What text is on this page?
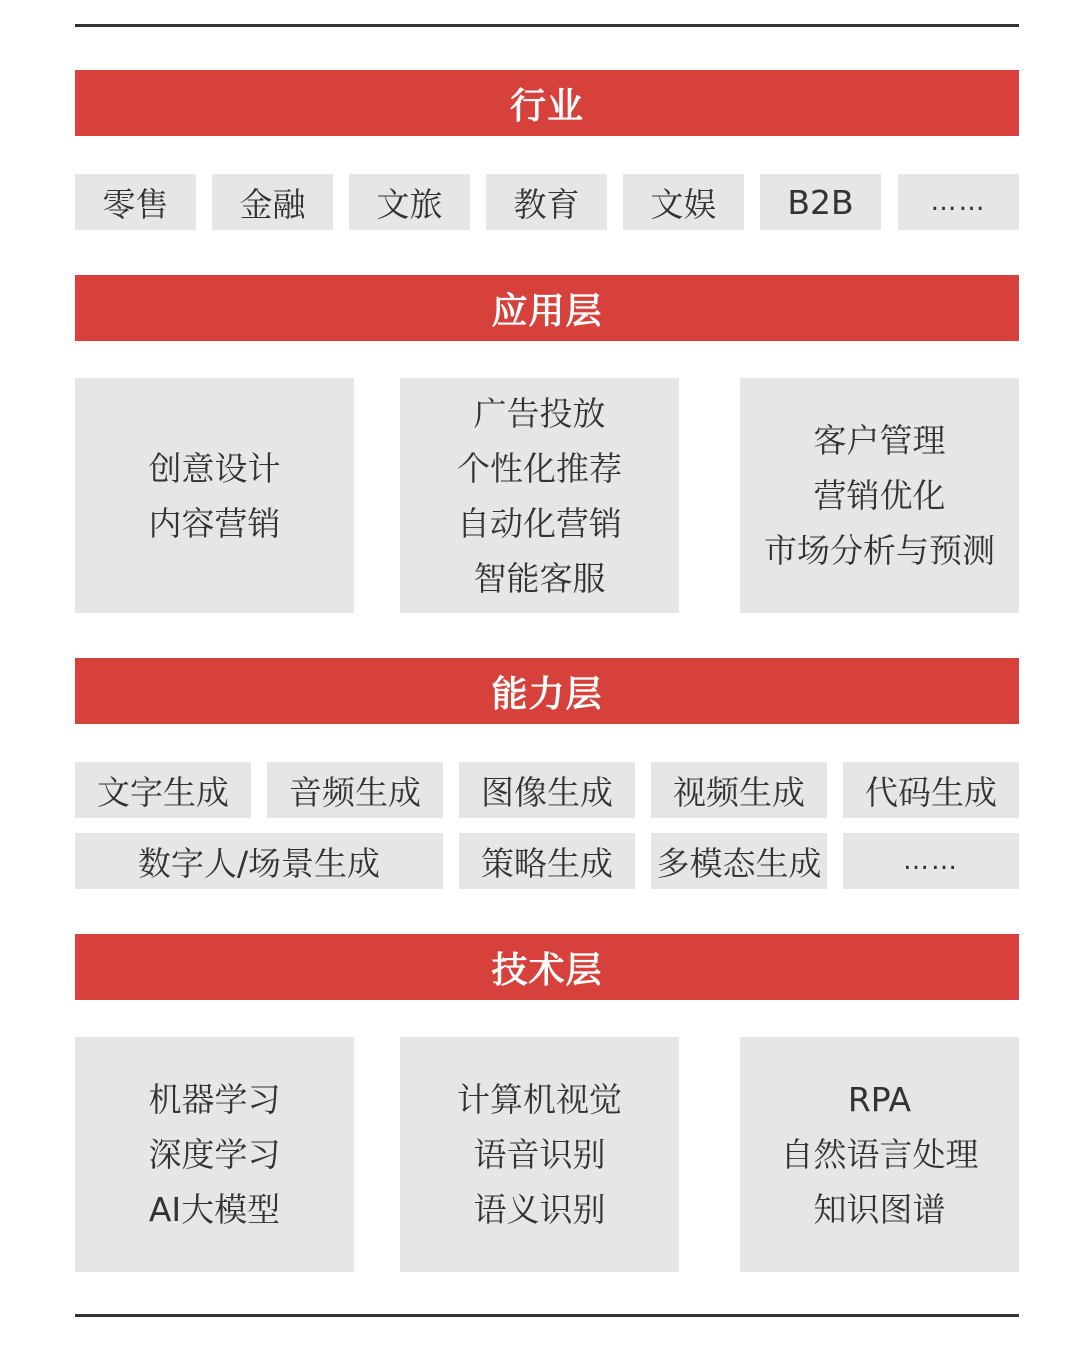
行业
零售	金融	文旅	教育	文娱	B2B	……
应用层
创意设计
内容营销
广告投放
个性化推荐
自动化营销
智能客服
客户管理
营销优化
市场分析与预测
能力层
文字生成	音频生成	图像生成	视频生成	代码生成
数字人/场景生成	策略生成	多模态生成	……
技术层
机器学习
深度学习
AI大模型
计算机视觉
语音识别
语义识别
RPA
自然语言处理
知识图谱
